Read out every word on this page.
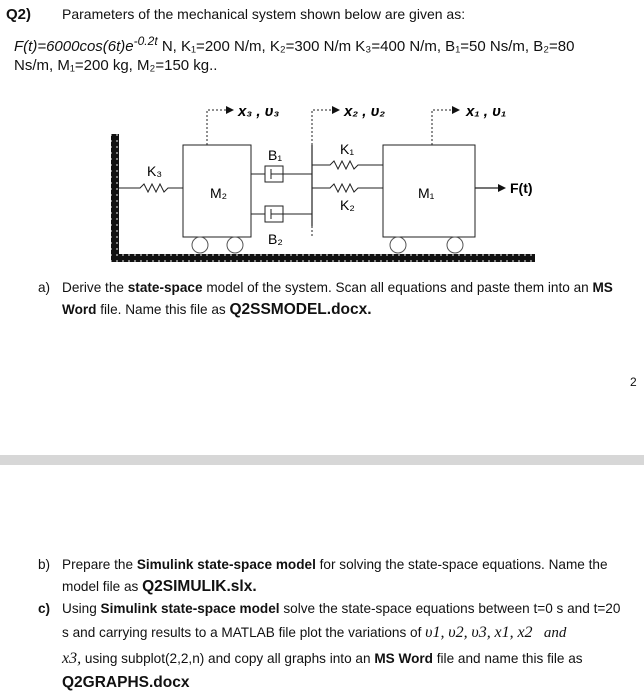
Q2) Parameters of the mechanical system shown below are given as:
$F(t)=6000\cos(6t)e^{-0.2t}$ N, K₁=200 N/m, K₂=300 N/m K₃=400 N/m, B₁=50 Ns/m, B₂=80
Ns/m, M₁=200 kg, M₂=150 kg..
x₃ , υ₃	x₂ , υ₂	x₁ , υ₁
K₃
M₂
B₁
B₂
K₁
K₂
M₁	F(t)
a) Derive the state-space model of the system. Scan all equations and paste them into an MS
Word file. Name this file as Q2SSMODEL.docx.
2
b) Prepare the Simulink state-space model for solving the state-space equations. Name the
model file as Q2SIMULIK.slx.
c) Using Simulink state-space model solve the state-space equations between t=0 s and t=20
s and carrying results to a MATLAB file plot the variations of υ1, υ2, υ3, x1, x2 and
x3, using subplot(2,2,n) and copy all graphs into an MS Word file and name this file as
Q2GRAPHS.docx
